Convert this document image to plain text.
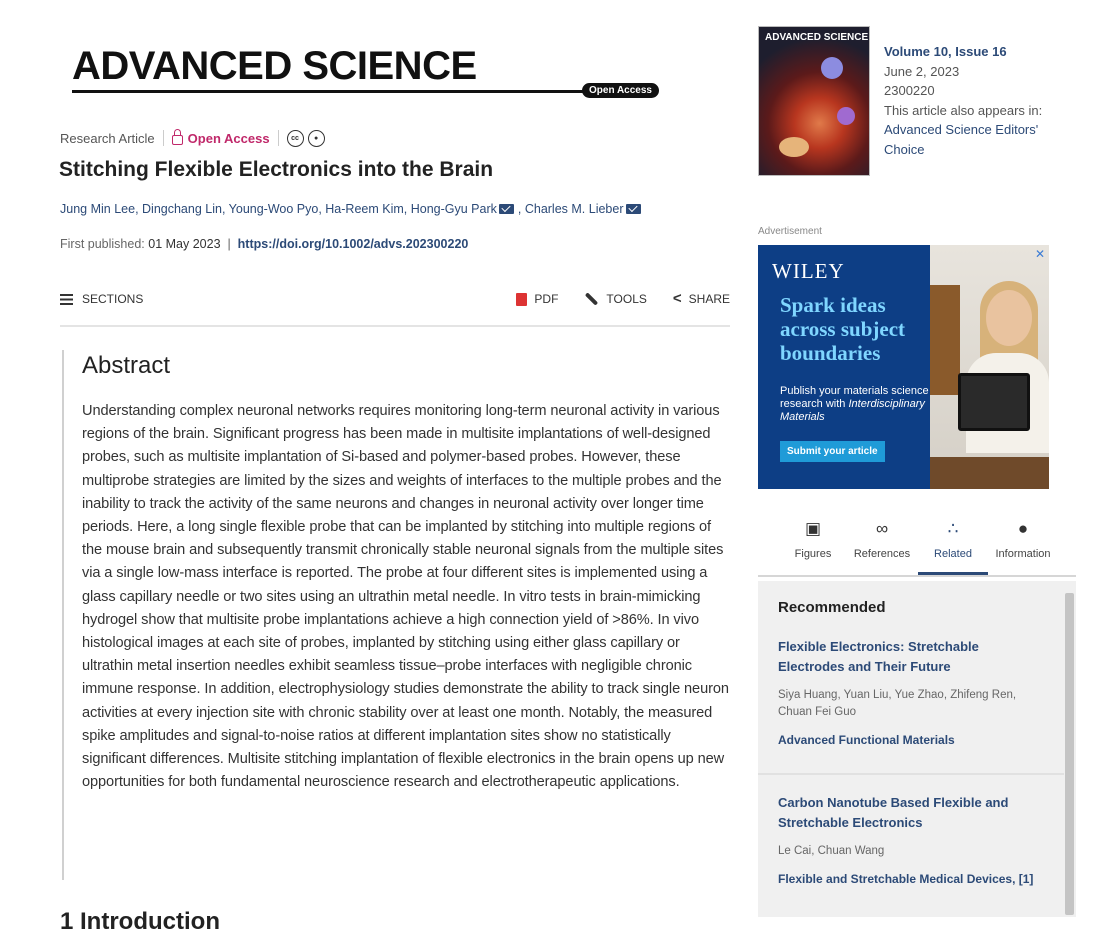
ADVANCED SCIENCE
Open Access
Research Article	Open Access	cc	●
Stitching Flexible Electronics into the Brain
Jung Min Lee, Dingchang Lin, Young-Woo Pyo, Ha-Reem Kim, Hong-Gyu Park , Charles M. Lieber
First published: 01 May 2023  |  https://doi.org/10.1002/advs.202300220
SECTIONS	PDF	TOOLS < SHARE
Abstract

Understanding complex neuronal networks requires monitoring long-term neuronal activity in various regions of the brain. Significant progress has been made in multisite implantations of well-designed probes, such as multisite implantation of Si-based and polymer-based probes. However, these multiprobe strategies are limited by the sizes and weights of interfaces to the multiple probes and the inability to track the activity of the same neurons and changes in neuronal activity over longer time periods. Here, a long single flexible probe that can be implanted by stitching into multiple regions of the mouse brain and subsequently transmit chronically stable neuronal signals from the multiple sites via a single low-mass interface is reported. The probe at four different sites is implemented using a glass capillary needle or two sites using an ultrathin metal needle. In vitro tests in brain-mimicking hydrogel show that multisite probe implantations achieve a high connection yield of >86%. In vivo histological images at each site of probes, implanted by stitching using either glass capillary or ultrathin metal insertion needles exhibit seamless tissue–probe interfaces with negligible chronic immune response. In addition, electrophysiology studies demonstrate the ability to track single neuron activities at every injection site with chronic stability over at least one month. Notably, the measured spike amplitudes and signal-to-noise ratios at different implantation sites show no statistically significant differences. Multisite stitching implantation of flexible electronics in the brain opens up new opportunities for both fundamental neuroscience research and electrotherapeutic applications.

1 Introduction
ADVANCED SCIENCE
Volume 10, Issue 16
June 2, 2023
2300220
This article also appears in:
Advanced Science Editors' Choice
Advertisement
WILEY
Spark ideas across subject boundaries
Publish your materials science research with Interdisciplinary Materials
Submit your article
✕
▣
Figures
∞
References
∴
Related
●
Information
Recommended
Flexible Electronics: Stretchable Electrodes and Their Future
Siya Huang, Yuan Liu, Yue Zhao, Zhifeng Ren, Chuan Fei Guo
Advanced Functional Materials
Carbon Nanotube Based Flexible and Stretchable Electronics
Le Cai, Chuan Wang
Flexible and Stretchable Medical Devices, [1]
